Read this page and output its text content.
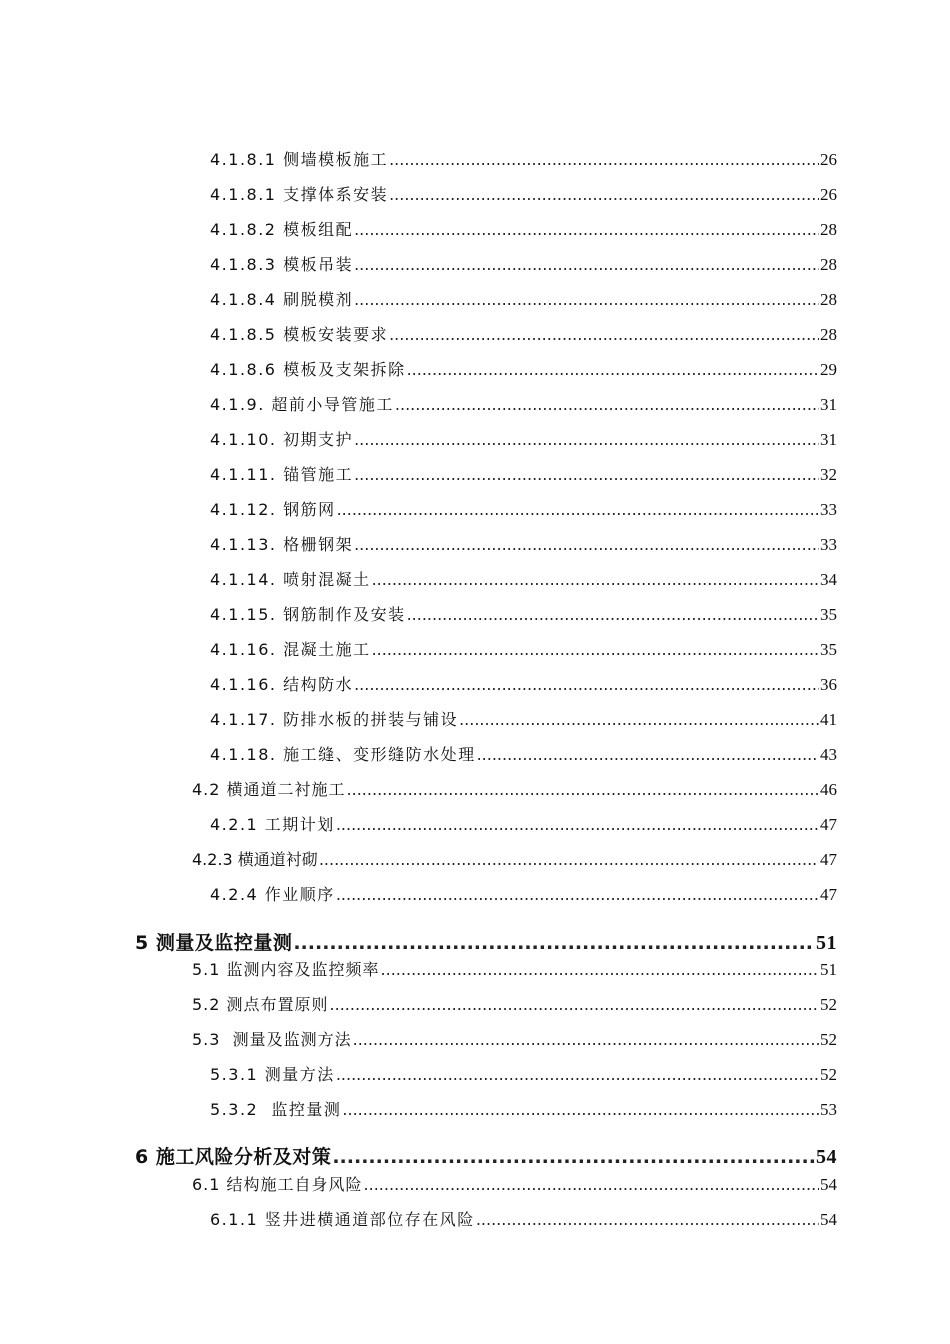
4.1.8.1 侧墙模板施工 .....	26
4.1.8.1 支撑体系安装 .....	26
4.1.8.2 模板组配 .....	28
4.1.8.3 模板吊装 .....	28
4.1.8.4 刷脱模剂 .....	28
4.1.8.5 模板安装要求 .....	28
4.1.8.6 模板及支架拆除 .....	29
4.1.9. 超前小导管施工 .....	31
4.1.10. 初期支护 .....	31
4.1.11. 锚管施工 .....	32
4.1.12. 钢筋网 .....	33
4.1.13. 格栅钢架 .....	33
4.1.14. 喷射混凝土 .....	34
4.1.15. 钢筋制作及安装 .....	35
4.1.16. 混凝土施工 .....	35
4.1.16. 结构防水 .....	36
4.1.17. 防排水板的拼装与铺设 .....	41
4.1.18. 施工缝、变形缝防水处理 .....	43
4.2 横通道二衬施工 .....	46
4.2.1 工期计划 .....	47
4.2.3 横通道衬砌 .....	47
4.2.4 作业顺序 .....	47
5 测量及监控量测 .....	51
5.1 监测内容及监控频率 .....	51
5.2 测点布置原则 .....	52
5.3  测量及监测方法 .....	52
5.3.1 测量方法 .....	52
5.3.2  监控量测 .....	53
6 施工风险分析及对策 .....	54
6.1 结构施工自身风险 .....	54
6.1.1 竖井进横通道部位存在风险 .....	54
